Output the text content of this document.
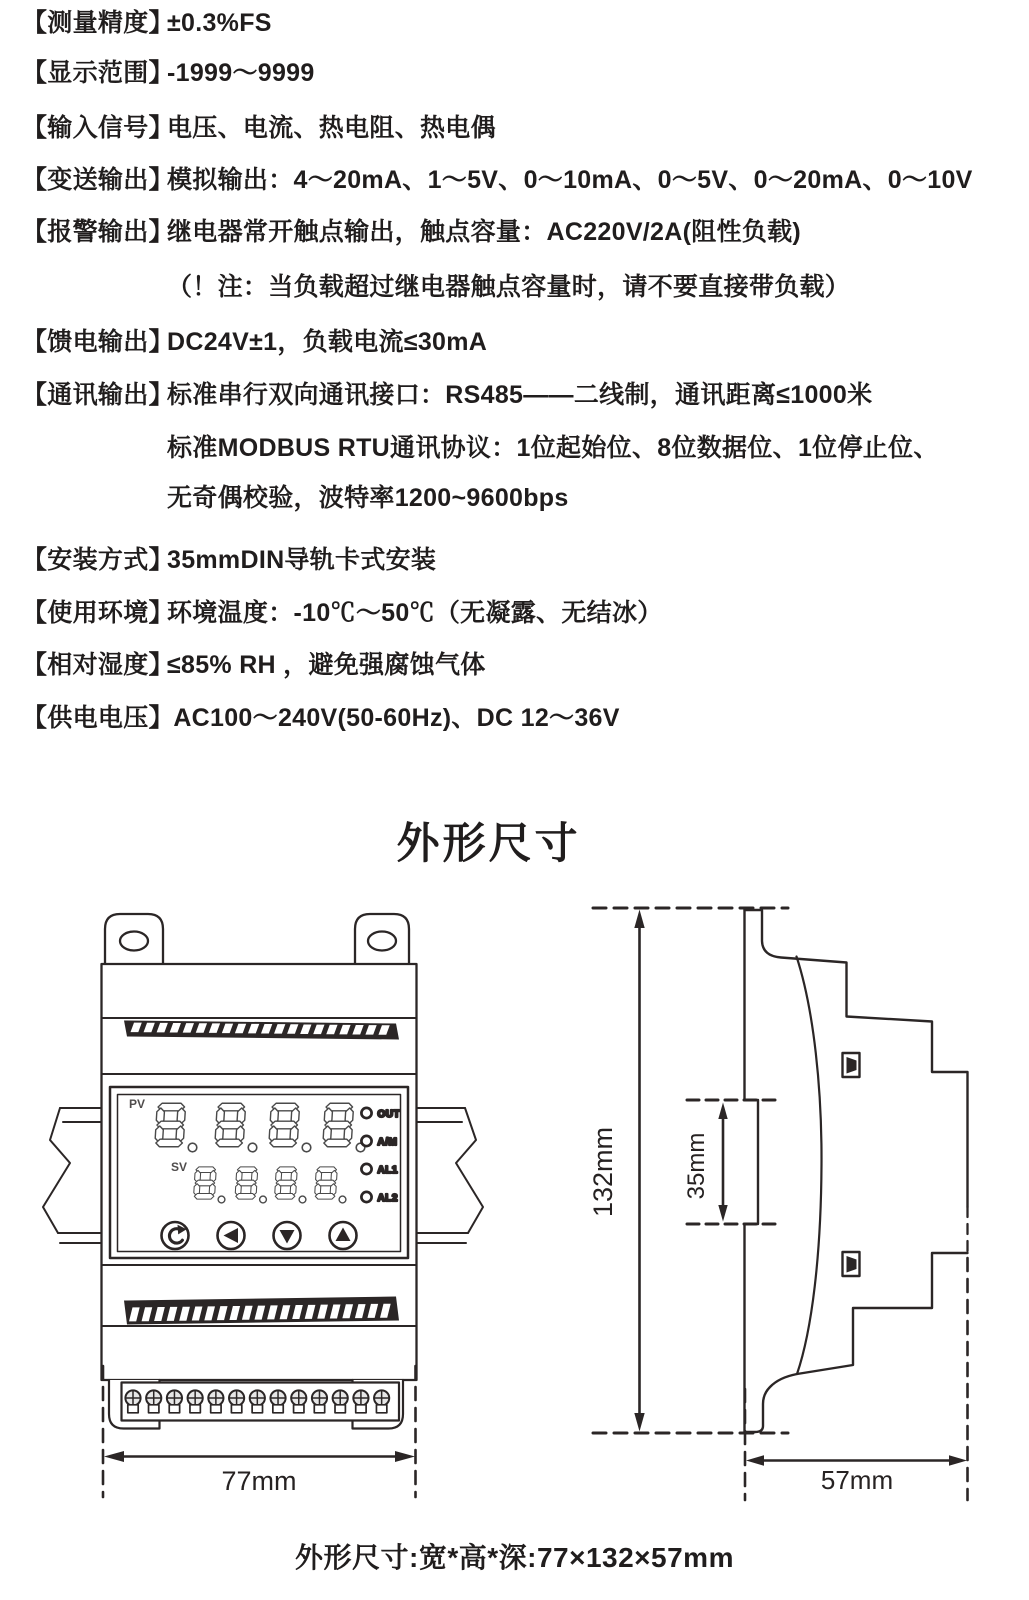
【测量精度】
±0.3%FS
【显示范围】
-1999～9999
【输入信号】
电压、电流、热电阻、热电偶
【变送输出】
模拟输出：4～20mA、1～5V、0～10mA、0～5V、0～20mA、0～10V
【报警输出】
继电器常开触点输出，触点容量：AC220V/2A(阻性负载)
（！注：当负载超过继电器触点容量时，请不要直接带负载）
【馈电输出】
DC24V±1，负载电流≤30mA
【通讯输出】
标准串行双向通讯接口：RS485——二线制，通讯距离≤1000米
标准MODBUS RTU通讯协议：1位起始位、8位数据位、1位停止位、
无奇偶校验，波特率1200~9600bps
【安装方式】
35mmDIN导轨卡式安装
【使用环境】
环境温度：-10℃～50℃（无凝露、无结冰）
【相对湿度】
≤85% RH ，避免强腐蚀气体
【供电电压】
AC100～240V(50-60Hz)、DC 12～36V
外形尺寸
PV
SV
OUT
A/M
AL1
AL2
77mm
132mm	35mm
57mm
外形尺寸:宽*高*深:77×132×57mm
